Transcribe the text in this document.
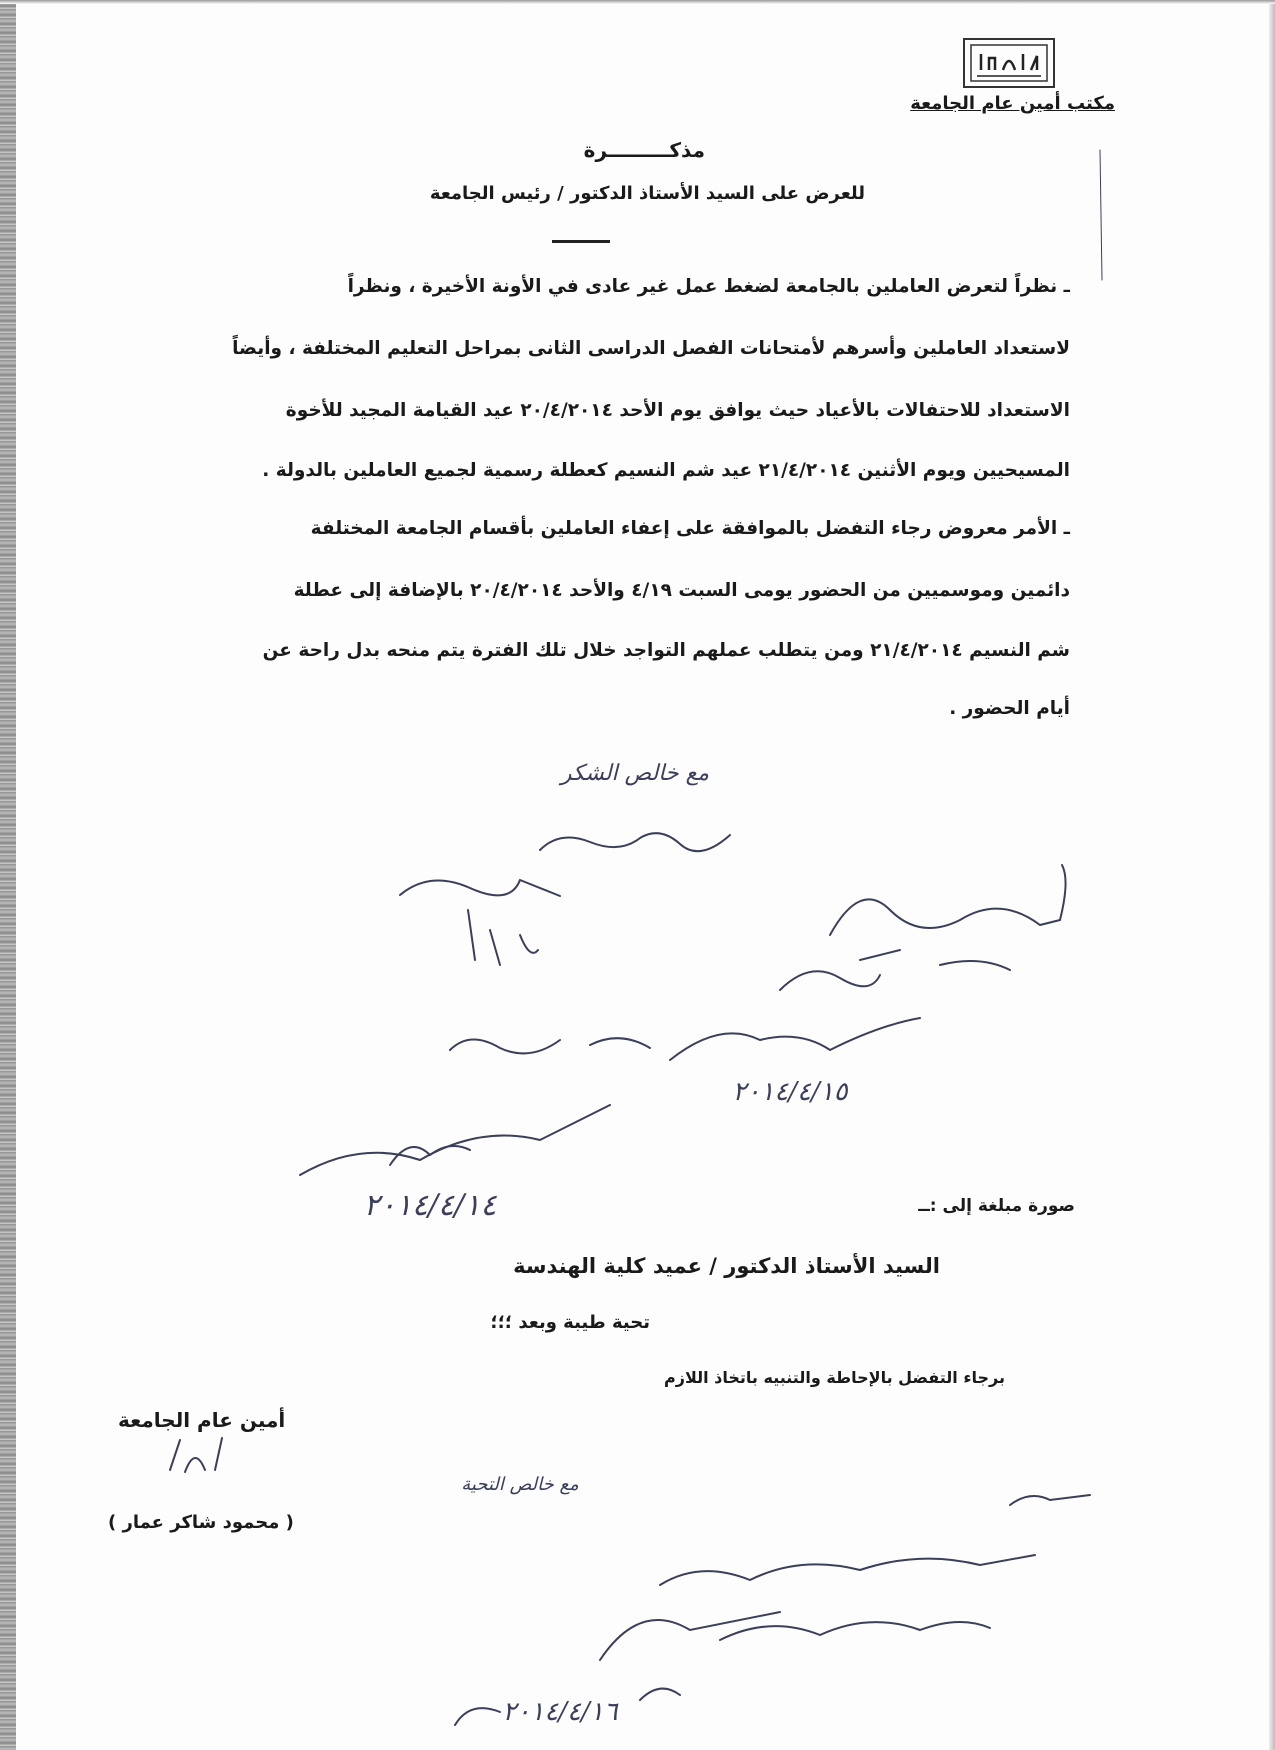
مكتب أمين عام الجامعة
مذكـــــــــرة
للعرض على السيد الأستاذ الدكتور / رئيس الجامعة
ـ نظراً لتعرض العاملين بالجامعة لضغط عمل غير عادى في الأونة الأخيرة ، ونظراً
لاستعداد العاملين وأسرهم لأمتحانات الفصل الدراسى الثانى بمراحل التعليم المختلفة ، وأيضاً
الاستعداد للاحتفالات بالأعياد حيث يوافق يوم الأحد ٢٠/٤/٢٠١٤ عيد القيامة المجيد للأخوة
المسيحيين ويوم الأثنين ٢١/٤/٢٠١٤ عيد شم النسيم كعطلة رسمية لجميع العاملين بالدولة .
ـ الأمر معروض رجاء التفضل بالموافقة على إعفاء العاملين بأقسام الجامعة المختلفة
دائمين وموسميين من الحضور يومى السبت ٤/١٩ والأحد ٢٠/٤/٢٠١٤ بالإضافة إلى عطلة
شم النسيم ٢١/٤/٢٠١٤ ومن يتطلب عملهم التواجد خلال تلك الفترة يتم منحه بدل راحة عن
أيام الحضور .
صورة مبلغة إلى :ــ
السيد الأستاذ الدكتور / عميد كلية الهندسة
تحية طيبة وبعد ؛؛؛
برجاء التفضل بالإحاطة والتنبيه باتخاذ اللازم
أمين عام الجامعة
( محمود شاكر عمار )
مع خالص الشكر
مع خالص التحية
٢٠١٤/٤/١٥
٢٠١٤/٤/١٤
٢٠١٤/٤/١٦
